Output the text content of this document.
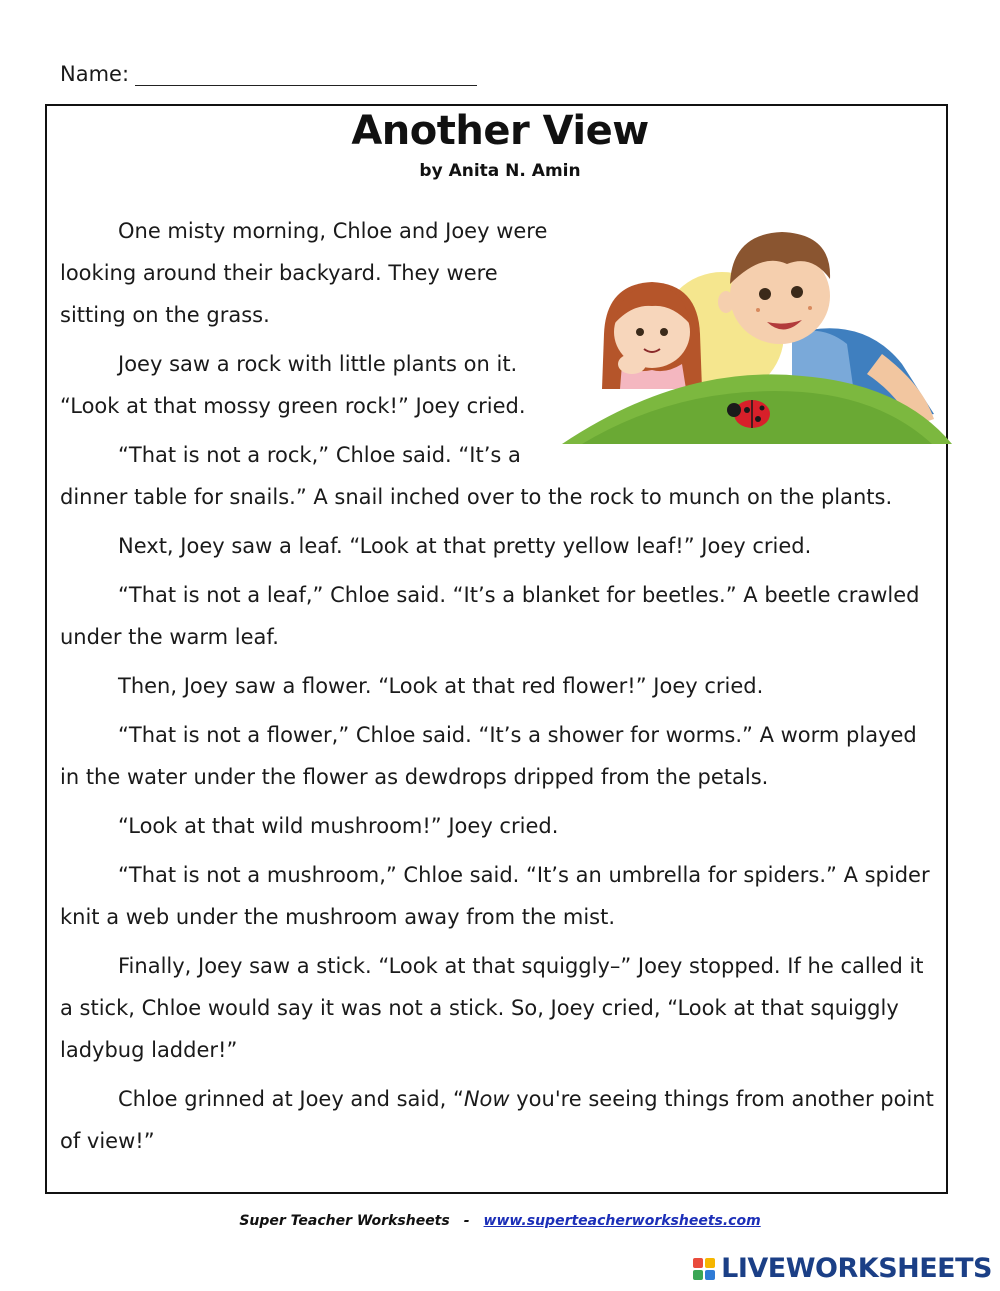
Name:
Another View
by Anita N. Amin

One misty morning, Chloe and Joey were looking around their backyard. They were sitting on the grass.

Joey saw a rock with little plants on it. “Look at that mossy green rock!” Joey cried.

“That is not a rock,” Chloe said. “It’s a dinner table for snails.” A snail inched over to the rock to munch on the plants.

Next, Joey saw a leaf. “Look at that pretty yellow leaf!” Joey cried.

“That is not a leaf,” Chloe said. “It’s a blanket for beetles.” A beetle crawled under the warm leaf.

Then, Joey saw a flower. “Look at that red flower!” Joey cried.

“That is not a flower,” Chloe said. “It’s a shower for worms.” A worm played in the water under the flower as dewdrops dripped from the petals.

“Look at that wild mushroom!” Joey cried.

“That is not a mushroom,” Chloe said. “It’s an umbrella for spiders.” A spider knit a web under the mushroom away from the mist.

Finally, Joey saw a stick. “Look at that squiggly–” Joey stopped. If he called it a stick, Chloe would say it was not a stick. So, Joey cried, “Look at that squiggly ladybug ladder!”

Chloe grinned at Joey and said, “Now you're seeing things from another point of view!”

Super Teacher Worksheets - www.superteacherworksheets.com
LIVEWORKSHEETS
